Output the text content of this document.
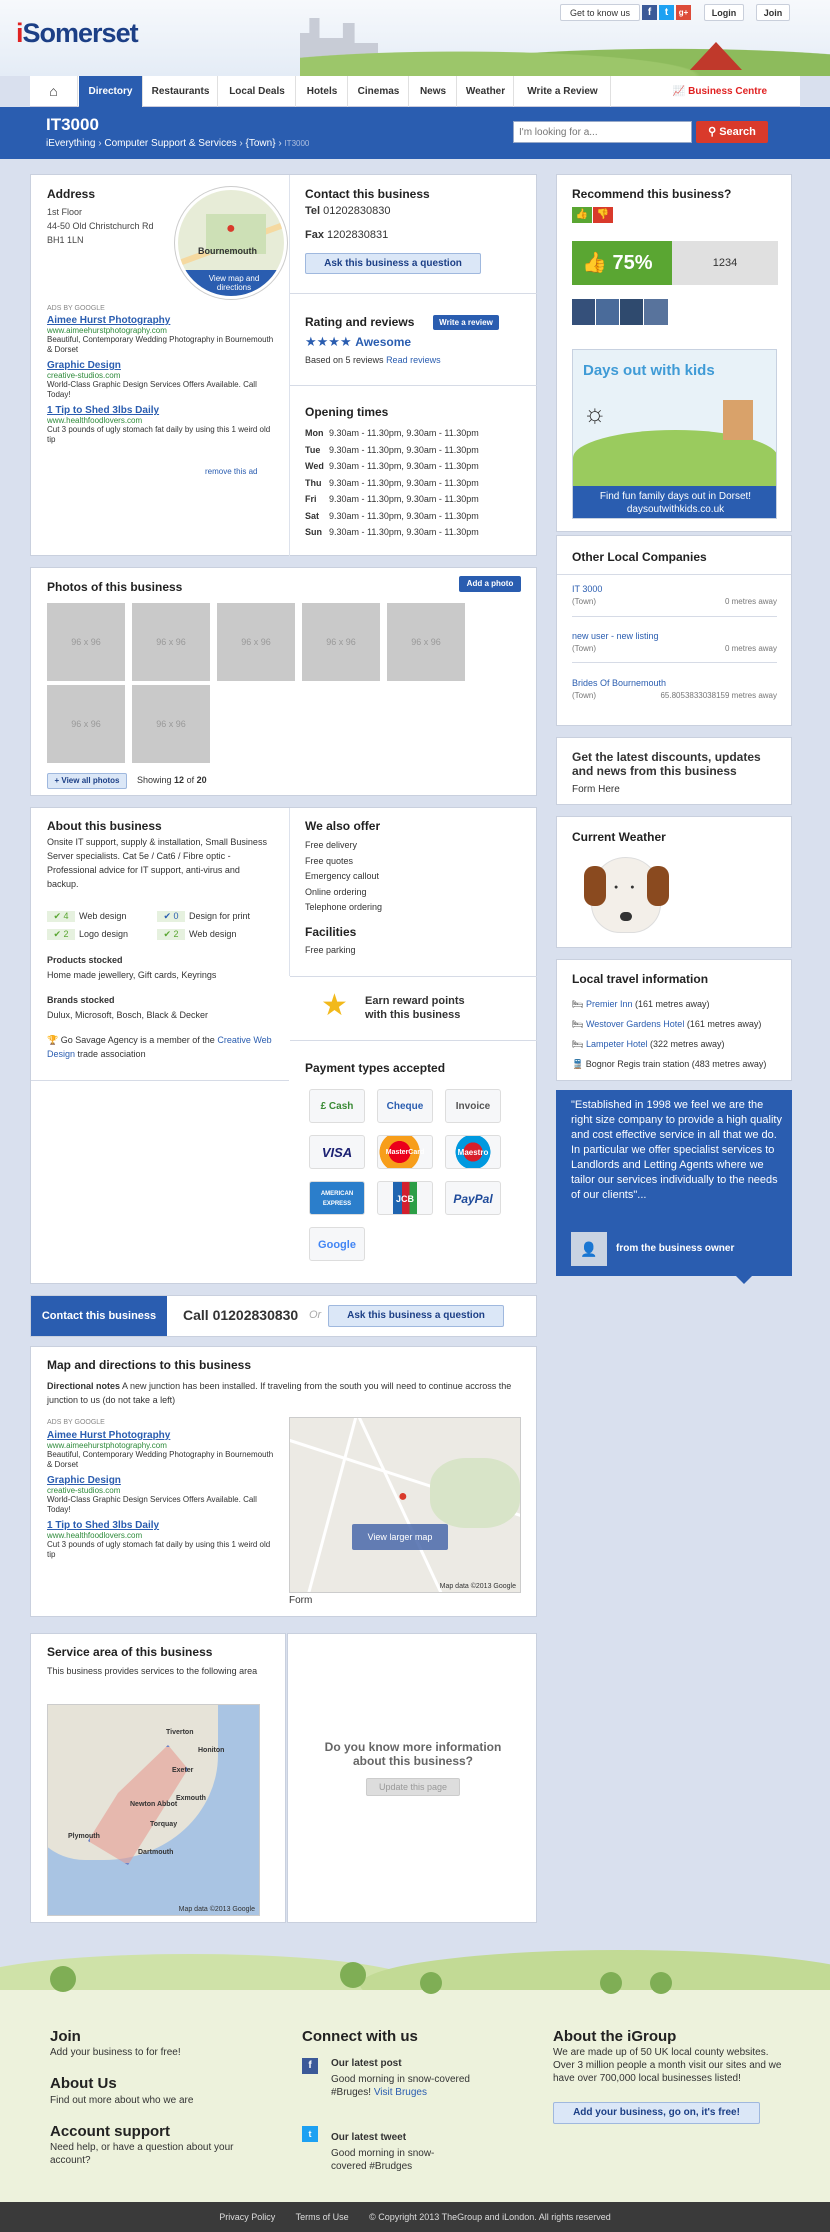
iSomerset
Get to know us	f	t	g+	Login	Join
⌂	Directory	Restaurants	Local Deals	Hotels	Cinemas	News	Weather	Write a Review	📈 Business Centre
IT3000
iEverything › Computer Support & Services › {Town} › IT3000
I'm looking for a...
⚲ Search
Address
1st Floor
44-50 Old Christchurch Rd
BH1 1LN
●
Bournemouth
View map and directions
ADS BY GOOGLE
Aimee Hurst Photography
www.aimeehurstphotography.com
Beautiful, Contemporary Wedding Photography in Bournemouth & Dorset
Graphic Design
creative-studios.com
World-Class Graphic Design Services Offers Available. Call Today!
1 Tip to Shed 3lbs Daily
www.healthfoodlovers.com
Cut 3 pounds of ugly stomach fat daily by using this 1 weird old tip
remove this ad
Contact this business
Tel 01202830830
Fax 1202830831
Ask this business a question
Rating and reviews	Write a review
★★★★ Awesome
Based on 5 reviews Read reviews
Opening times
Mon 9.30am - 11.30pm, 9.30am - 11.30pm
Tue 9.30am - 11.30pm, 9.30am - 11.30pm
Wed 9.30am - 11.30pm, 9.30am - 11.30pm
Thu 9.30am - 11.30pm, 9.30am - 11.30pm
Fri 9.30am - 11.30pm, 9.30am - 11.30pm
Sat 9.30am - 11.30pm, 9.30am - 11.30pm
Sun 9.30am - 11.30pm, 9.30am - 11.30pm
Recommend this business?
👍 👎
👍 75%	1234
Days out with kids
☼
Find fun family days out in Dorset!
daysoutwithkids.co.uk
Other Local Companies
IT 3000
(Town)	0 metres away
new user - new listing
(Town)	0 metres away
Brides Of Bournemouth
(Town)	65.8053833038159 metres away
Get the latest discounts, updates and news from this business
Form Here
Current Weather
●●
Local travel information
🛏 Premier Inn (161 metres away)
🛏 Westover Gardens Hotel (161 metres away)
🛏 Lampeter Hotel (322 metres away)
🚆 Bognor Regis train station (483 metres away)
"Established in 1998 we feel we are the right size company to provide a high quality and cost effective service in all that we do. In particular we offer specialist services to Landlords and Letting Agents where we tailor our services individually to the needs of our clients"...
👤	from the business owner
Photos of this business	Add a photo
96 x 96	96 x 96	96 x 96	96 x 96	96 x 96
96 x 96	96 x 96
+ View all photos	Showing 12 of 20
About this business
Onsite IT support, supply & installation, Small Business Server specialists. Cat 5e / Cat6 / Fibre optic - Professional advice for IT support, anti-virus and backup.
✔ 4 Web design	✔ 0 Design for print
✔ 2 Logo design	✔ 2 Web design
Products stocked
Home made jewellery, Gift cards, Keyrings
Brands stocked
Dulux, Microsoft, Bosch, Black & Decker
🏆 Go Savage Agency is a member of the Creative Web Design trade association
We also offer
Free delivery
Free quotes
Emergency callout
Online ordering
Telephone ordering
Facilities
Free parking
★ Earn reward points with this business
Payment types accepted
£ Cash	Cheque	Invoice
VISA	MasterCard	Maestro
AMERICAN EXPRESS	JCB	PayPal
Google
Contact this business	Call 01202830830 Or	Ask this business a question
Map and directions to this business
Directional notes A new junction has been installed. If traveling from the south you will need to continue accross the junction to us (do not take a left)
ADS BY GOOGLE
Aimee Hurst Photography
www.aimeehurstphotography.com
Beautiful, Contemporary Wedding Photography in Bournemouth & Dorset
Graphic Design
creative-studios.com
World-Class Graphic Design Services Offers Available. Call Today!
1 Tip to Shed 3lbs Daily
www.healthfoodlovers.com
Cut 3 pounds of ugly stomach fat daily by using this 1 weird old tip
●
View larger map
Map data ©2013 Google
Form
Service area of this business
This business provides services to the following area
Tiverton
Honiton
Exeter
Newton Abbot
Exmouth
Torquay
Plymouth
Dartmouth
Map data ©2013 Google
Do you know more information about this business?
Update this page
Join
Add your business to for free!
About Us
Find out more about who we are
Account support
Need help, or have a question about your account?
Connect with us
f	Our latest post
Good morning in snow-covered #Bruges! Visit Bruges
t	Our latest tweet
Good morning in snow-covered #Brudges
About the iGroup
We are made up of 50 UK local county websites. Over 3 million people a month visit our sites and we have over 700,000 local businesses listed!
Add your business, go on, it's free!
Privacy Policy Terms of Use © Copyright 2013 TheGroup and iLondon. All rights reserved
